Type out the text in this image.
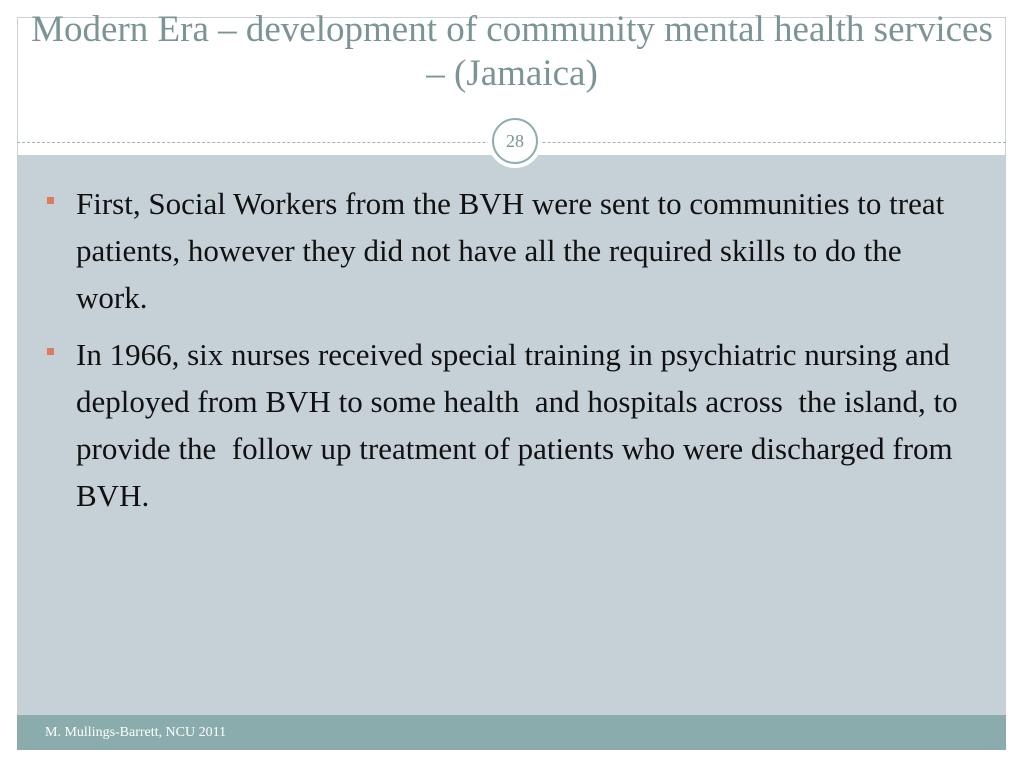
Modern Era – development of community mental health services – (Jamaica)
28
First, Social Workers from the BVH were sent to communities to treat patients, however they did not have all the required skills to do the work.
In 1966, six nurses received special training in psychiatric nursing and deployed from BVH to some health  and hospitals across  the island, to provide the  follow up treatment of patients who were discharged from BVH.
M. Mullings-Barrett, NCU 2011
